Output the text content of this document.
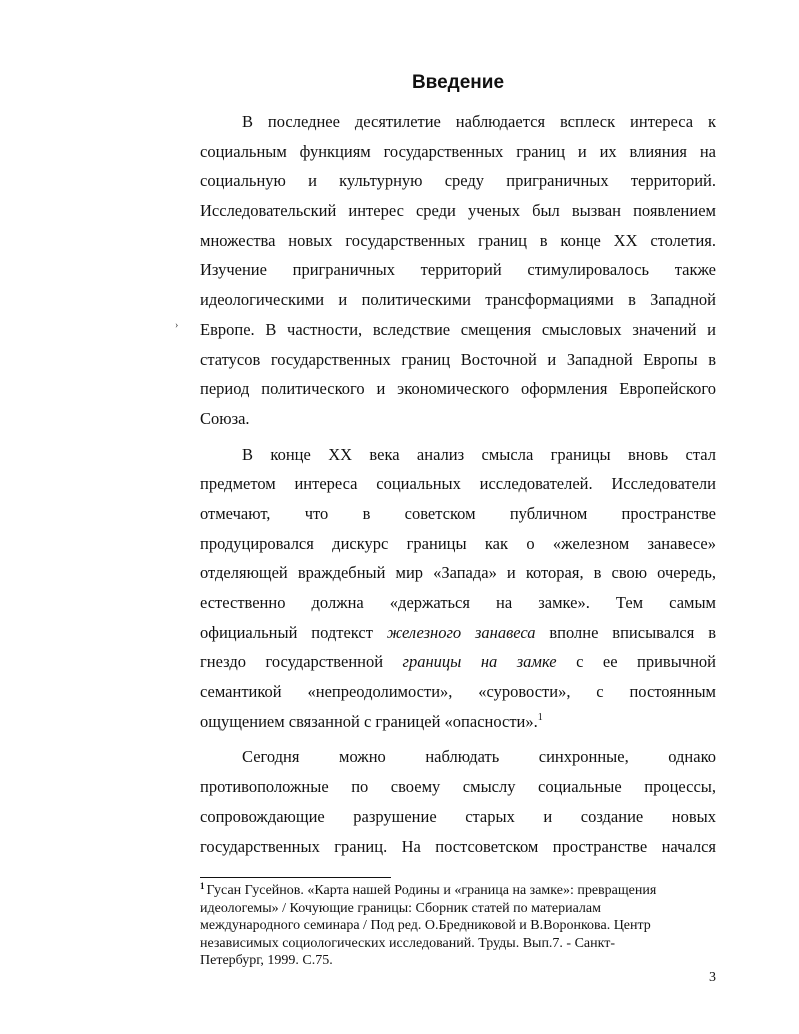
›
Введение
В последнее десятилетие наблюдается всплеск интереса к
социальным функциям государственных границ и их влияния на
социальную и культурную среду приграничных территорий.
Исследовательский интерес среди ученых был вызван появлением
множества новых государственных границ в конце XX столетия.
Изучение приграничных территорий стимулировалось также
идеологическими и политическими трансформациями в Западной
Европе. В частности, вследствие смещения смысловых значений и
статусов государственных границ Восточной и Западной Европы в
период политического и экономического оформления Европейского
Союза.
В конце XX века анализ смысла границы вновь стал
предметом интереса социальных исследователей. Исследователи
отмечают, что в советском публичном пространстве
продуцировался дискурс границы как о «железном занавесе»
отделяющей враждебный мир «Запада» и которая, в свою очередь,
естественно должна «держаться на замке». Тем самым
официальный подтекст железного занавеса вполне вписывался в
гнездо государственной границы на замке с ее привычной
семантикой «непреодолимости», «суровости», с постоянным
ощущением связанной с границей «опасности».$^1$
Сегодня можно наблюдать синхронные, однако
противоположные по своему смыслу социальные процессы,
сопровождающие разрушение старых и создание новых
государственных границ. На постсоветском пространстве начался
$^1$ Гусан Гусейнов. «Карта нашей Родины и «граница на замке»: превращения
идеологемы» / Кочующие границы: Сборник статей по материалам
международного семинара / Под ред. О.Бредниковой и В.Воронкова. Центр
независимых социологических исследований. Труды. Вып.7. - Санкт-
Петербург, 1999. С.75.
3
